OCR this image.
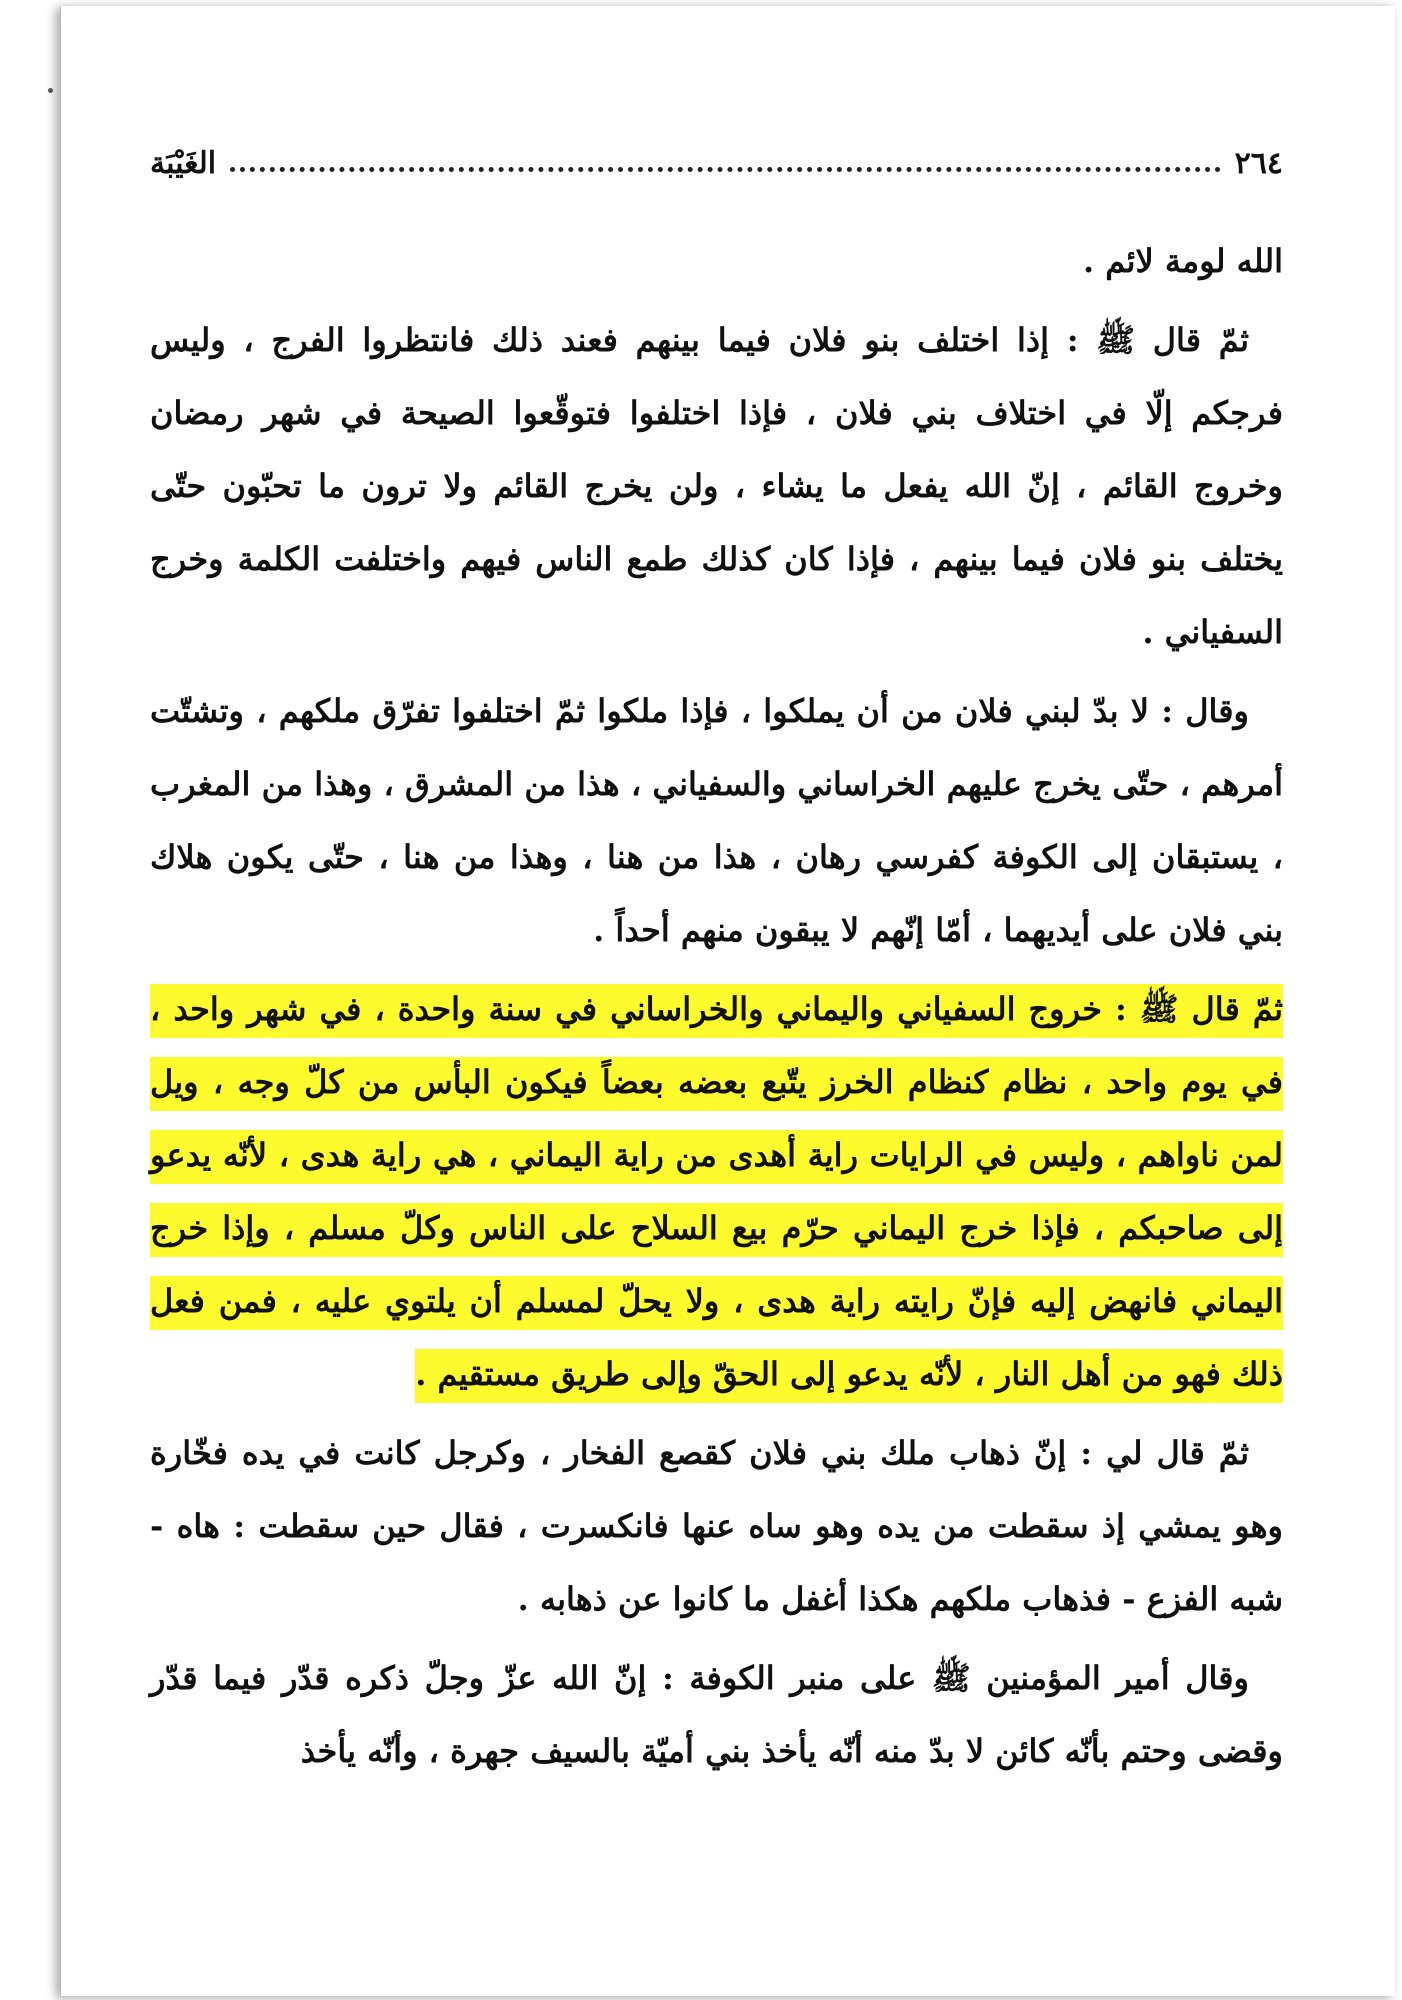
٢٦٤
الغَيْبَة

الله لومة لائم .

ثمّ قال ﷺ : إذا اختلف بنو فلان فيما بينهم فعند ذلك فانتظروا الفرج ، وليس فرجكم إلّا في اختلاف بني فلان ، فإذا اختلفوا فتوقّعوا الصيحة في شهر رمضان وخروج القائم ، إنّ الله يفعل ما يشاء ، ولن يخرج القائم ولا ترون ما تحبّون حتّى يختلف بنو فلان فيما بينهم ، فإذا كان كذلك طمع الناس فيهم واختلفت الكلمة وخرج السفياني .

وقال : لا بدّ لبني فلان من أن يملكوا ، فإذا ملكوا ثمّ اختلفوا تفرّق ملكهم ، وتشتّت أمرهم ، حتّى يخرج عليهم الخراساني والسفياني ، هذا من المشرق ، وهذا من المغرب ، يستبقان إلى الكوفة كفرسي رهان ، هذا من هنا ، وهذا من هنا ، حتّى يكون هلاك بني فلان على أيديهما ، أمّا إنّهم لا يبقون منهم أحداً .

ثمّ قال ﷺ : خروج السفياني واليماني والخراساني في سنة واحدة ، في شهر واحد ، في يوم واحد ، نظام كنظام الخرز يتّبع بعضه بعضاً فيكون البأس من كلّ وجه ، ويل لمن ناواهم ، وليس في الرايات راية أهدى من راية اليماني ، هي راية هدى ، لأنّه يدعو إلى صاحبكم ، فإذا خرج اليماني حرّم بيع السلاح على الناس وكلّ مسلم ، وإذا خرج اليماني فانهض إليه فإنّ رايته راية هدى ، ولا يحلّ لمسلم أن يلتوي عليه ، فمن فعل ذلك فهو من أهل النار ، لأنّه يدعو إلى الحقّ وإلى طريق مستقيم .

ثمّ قال لي : إنّ ذهاب ملك بني فلان كقصع الفخار ، وكرجل كانت في يده فخّارة وهو يمشي إذ سقطت من يده وهو ساه عنها فانكسرت ، فقال حين سقطت : هاه - شبه الفزع - فذهاب ملكهم هكذا أغفل ما كانوا عن ذهابه .

وقال أمير المؤمنين ﷺ على منبر الكوفة : إنّ الله عزّ وجلّ ذكره قدّر فيما قدّر وقضى وحتم بأنّه كائن لا بدّ منه أنّه يأخذ بني أميّة بالسيف جهرة ، وأنّه يأخذ
